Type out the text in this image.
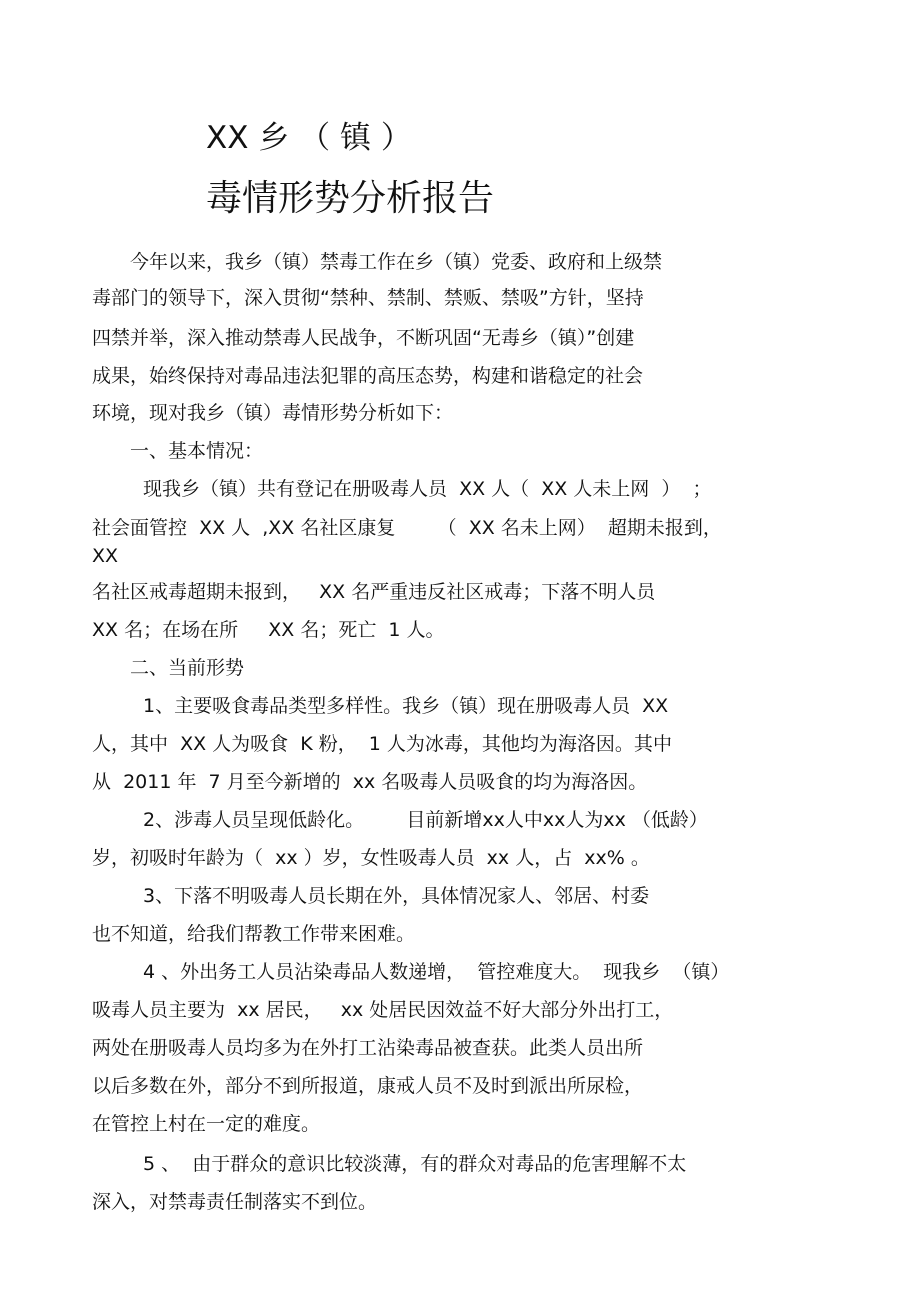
XX 乡 （ 镇 ）
毒情形势分析报告
今年以来，我乡（镇）禁毒工作在乡（镇）党委、政府和上级禁
毒部门的领导下，深入贯彻“禁种、禁制、禁贩、禁吸”方针，坚持
四禁并举，深入推动禁毒人民战争，不断巩固“无毒乡（镇）”创建
成果，始终保持对毒品违法犯罪的高压态势，构建和谐稳定的社会
环境，现对我乡（镇）毒情形势分析如下：
一、基本情况：
现我乡（镇）共有登记在册吸毒人员  XX 人（  XX 人未上网  ）  ；
社会面管控  XX 人  ,XX 名社区康复       （  XX 名未上网）  超期未报到，
XX
名社区戒毒超期未报到，   XX 名严重违反社区戒毒；下落不明人员
XX 名；在场在所     XX 名；死亡  1 人。
二、当前形势
1、主要吸食毒品类型多样性。我乡（镇）现在册吸毒人员  XX
人，其中  XX 人为吸食  K 粉，  1 人为冰毒，其他均为海洛因。其中
从  2011 年  7 月至今新增的  xx 名吸毒人员吸食的均为海洛因。
2、涉毒人员呈现低龄化。       目前新增xx人中xx人为xx （低龄）
岁，初吸时年龄为（  xx ）岁，女性吸毒人员  xx 人，占  xx% 。
3、下落不明吸毒人员长期在外，具体情况家人、邻居、村委
也不知道，给我们帮教工作带来困难。
4 、外出务工人员沾染毒品人数递增，  管控难度大。  现我乡  （镇）
吸毒人员主要为  xx 居民，   xx 处居民因效益不好大部分外出打工，
两处在册吸毒人员均多为在外打工沾染毒品被查获。此类人员出所
以后多数在外，部分不到所报道，康戒人员不及时到派出所尿检，
在管控上村在一定的难度。
5 、  由于群众的意识比较淡薄，有的群众对毒品的危害理解不太
深入，对禁毒责任制落实不到位。
